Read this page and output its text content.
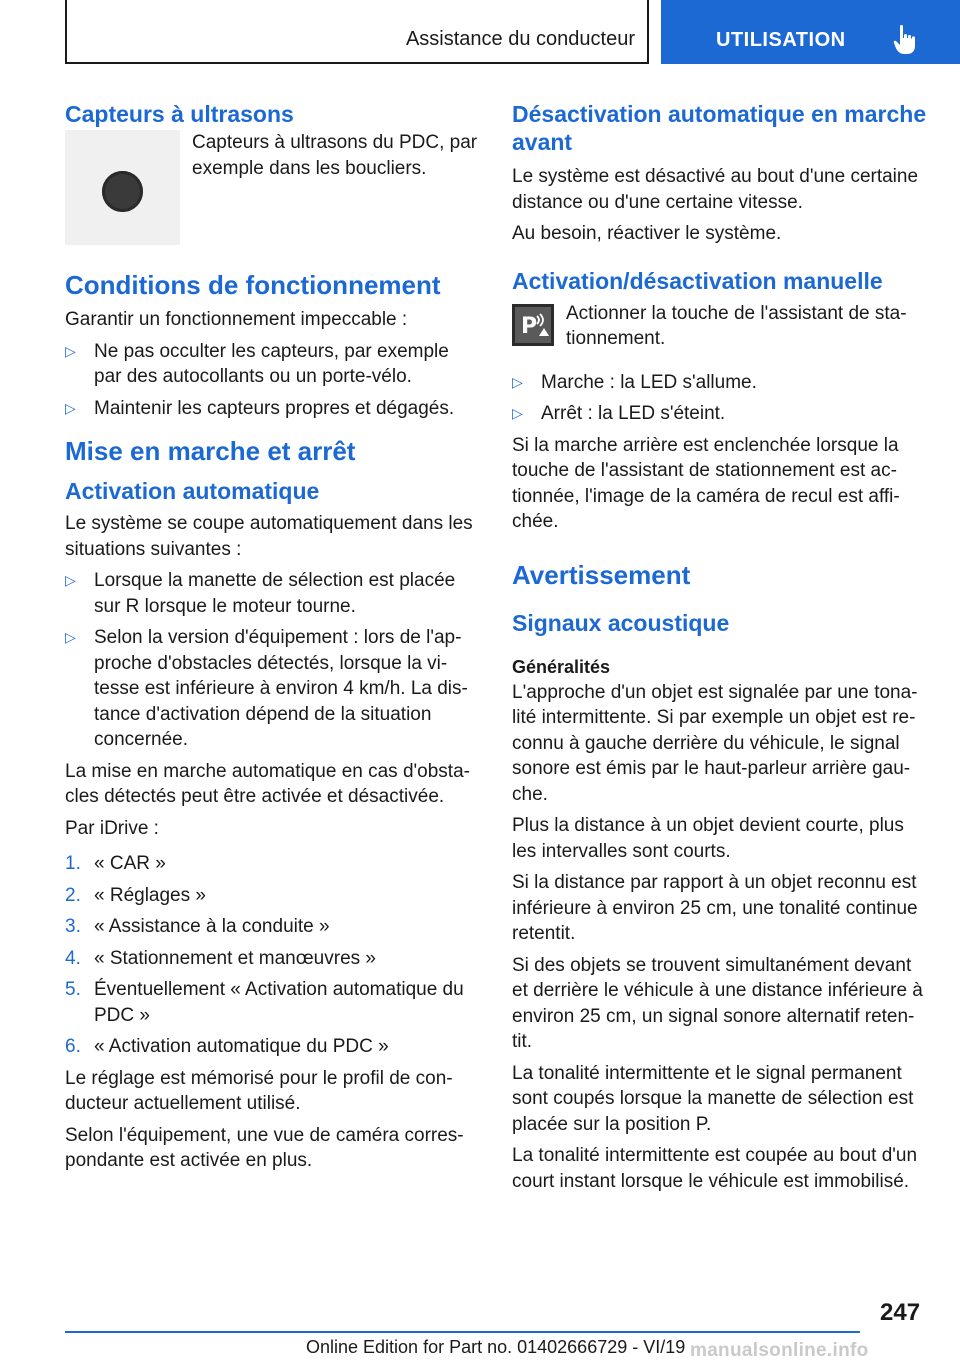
Assistance du conducteur	UTILISATION
Capteurs à ultrasons

Capteurs à ultrasons du PDC, par exemple dans les boucliers.

Conditions de fonctionnement

Garantir un fonctionnement impeccable :

▷ Ne pas occulter les capteurs, par exemple par des autocollants ou un porte-vélo.
▷ Maintenir les capteurs propres et dégagés.
Mise en marche et arrêt
Activation automatique

Le système se coupe automatiquement dans les situations suivantes :

▷ Lorsque la manette de sélection est placée sur R lorsque le moteur tourne.
▷ Selon la version d'équipement : lors de l'ap-proche d'obstacles détectés, lorsque la vi-tesse est inférieure à environ 4 km/h. La dis-tance d'activation dépend de la situation concernée.

La mise en marche automatique en cas d'obsta-cles détectés peut être activée et désactivée.

Par iDrive :

1. « CAR »
2. « Réglages »
3. « Assistance à la conduite »
4. « Stationnement et manœuvres »
5. Éventuellement « Activation automatique du PDC »
6. « Activation automatique du PDC »

Le réglage est mémorisé pour le profil de con-ducteur actuellement utilisé.

Selon l'équipement, une vue de caméra corres-pondante est activée en plus.

Désactivation automatique en marche avant

Le système est désactivé au bout d'une certaine distance ou d'une certaine vitesse.

Au besoin, réactiver le système.

Activation/désactivation manuelle
P

Actionner la touche de l'assistant de sta-tionnement.

▷ Marche : la LED s'allume.
▷ Arrêt : la LED s'éteint.

Si la marche arrière est enclenchée lorsque la touche de l'assistant de stationnement est ac-tionnée, l'image de la caméra de recul est affi-chée.

Avertissement
Signaux acoustique
Généralités

L'approche d'un objet est signalée par une tona-lité intermittente. Si par exemple un objet est re-connu à gauche derrière du véhicule, le signal sonore est émis par le haut-parleur arrière gau-che.

Plus la distance à un objet devient courte, plus les intervalles sont courts.

Si la distance par rapport à un objet reconnu est inférieure à environ 25 cm, une tonalité continue retentit.

Si des objets se trouvent simultanément devant et derrière le véhicule à une distance inférieure à environ 25 cm, un signal sonore alternatif reten-tit.

La tonalité intermittente et le signal permanent sont coupés lorsque la manette de sélection est placée sur la position P.

La tonalité intermittente est coupée au bout d'un court instant lorsque le véhicule est immobilisé.

247
Online Edition for Part no. 01402666729 - VI/19 manualsonline.info
